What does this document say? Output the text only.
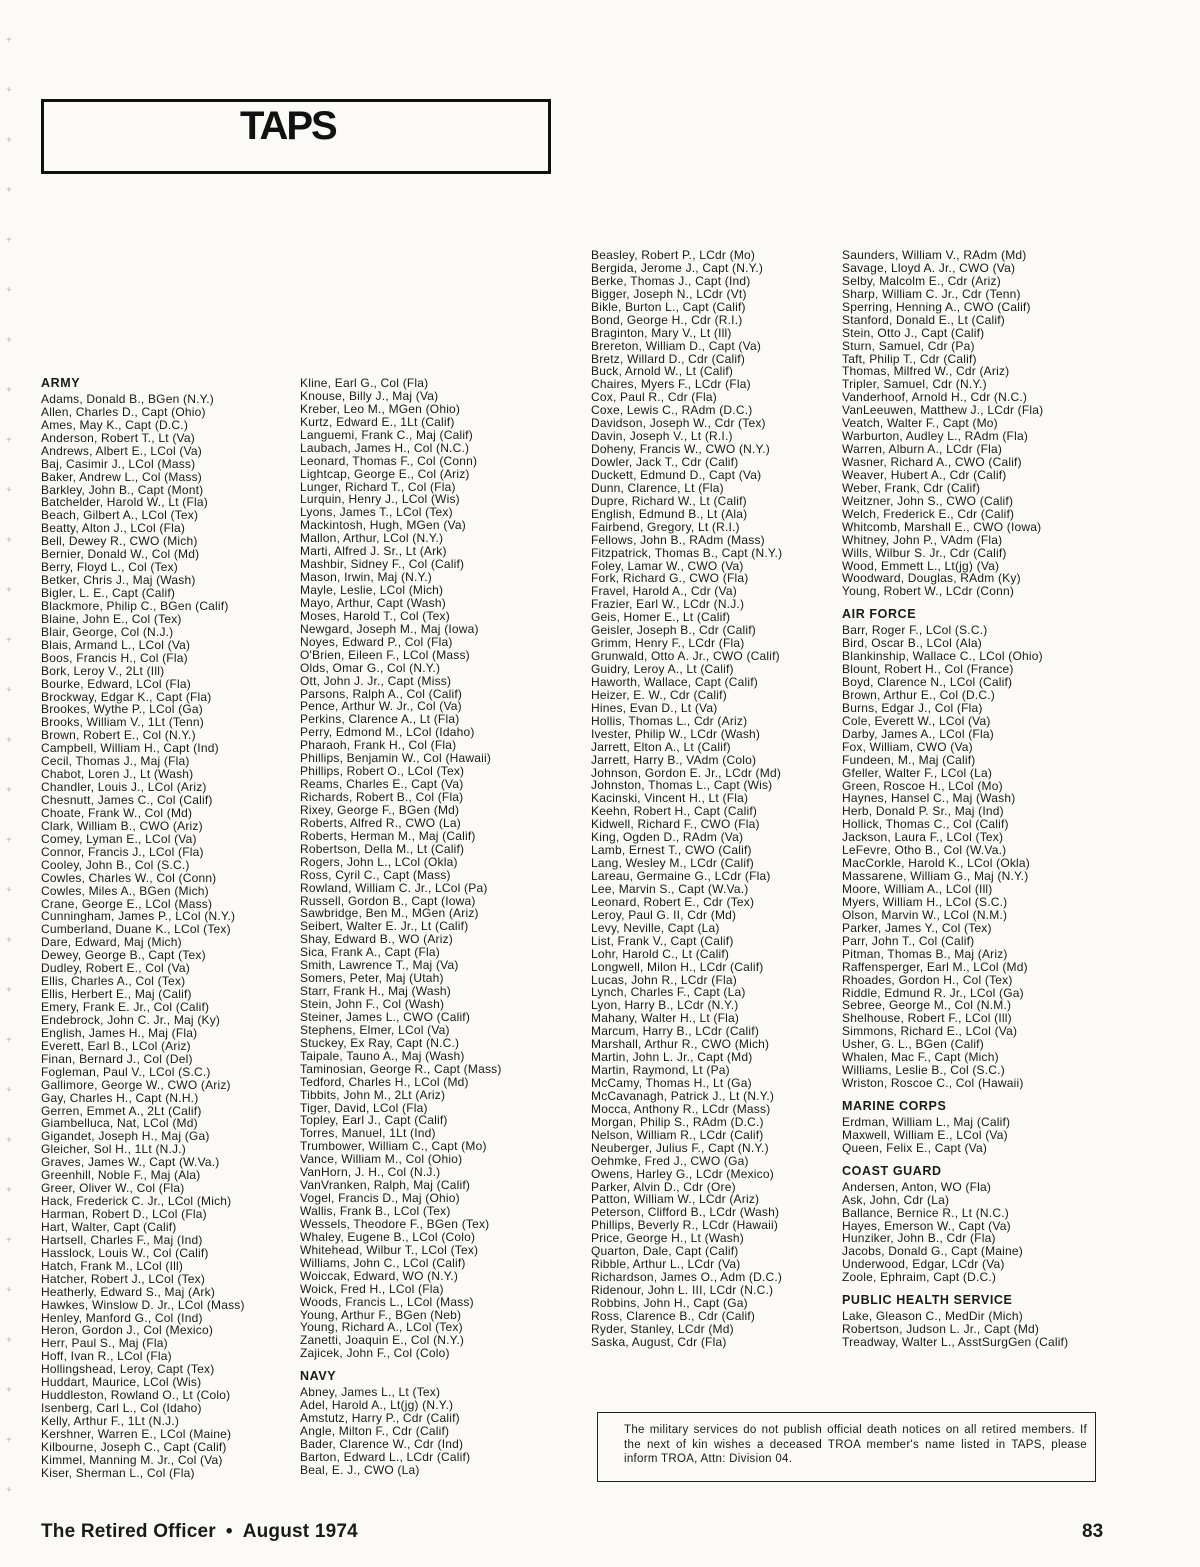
+
+
+
+
+
+
+
+
+
+
+
+
+
+
+
+
+
+
+
+
+
+
+
+
+
+
+
+
+
+
TAPS
ARMY
Adams, Donald B., BGen (N.Y.)
Allen, Charles D., Capt (Ohio)
Ames, May K., Capt (D.C.)
Anderson, Robert T., Lt (Va)
Andrews, Albert E., LCol (Va)
Baj, Casimir J., LCol (Mass)
Baker, Andrew L., Col (Mass)
Barkley, John B., Capt (Mont)
Batchelder, Harold W., Lt (Fla)
Beach, Gilbert A., LCol (Tex)
Beatty, Alton J., LCol (Fla)
Bell, Dewey R., CWO (Mich)
Bernier, Donald W., Col (Md)
Berry, Floyd L., Col (Tex)
Betker, Chris J., Maj (Wash)
Bigler, L. E., Capt (Calif)
Blackmore, Philip C., BGen (Calif)
Blaine, John E., Col (Tex)
Blair, George, Col (N.J.)
Blais, Armand L., LCol (Va)
Boos, Francis H., Col (Fla)
Bork, Leroy V., 2Lt (Ill)
Bourke, Edward, LCol (Fla)
Brockway, Edgar K., Capt (Fla)
Brookes, Wythe P., LCol (Ga)
Brooks, William V., 1Lt (Tenn)
Brown, Robert E., Col (N.Y.)
Campbell, William H., Capt (Ind)
Cecil, Thomas J., Maj (Fla)
Chabot, Loren J., Lt (Wash)
Chandler, Louis J., LCol (Ariz)
Chesnutt, James C., Col (Calif)
Choate, Frank W., Col (Md)
Clark, William B., CWO (Ariz)
Comey, Lyman E., LCol (Va)
Connor, Francis J., LCol (Fla)
Cooley, John B., Col (S.C.)
Cowles, Charles W., Col (Conn)
Cowles, Miles A., BGen (Mich)
Crane, George E., LCol (Mass)
Cunningham, James P., LCol (N.Y.)
Cumberland, Duane K., LCol (Tex)
Dare, Edward, Maj (Mich)
Dewey, George B., Capt (Tex)
Dudley, Robert E., Col (Va)
Ellis, Charles A., Col (Tex)
Ellis, Herbert E., Maj (Calif)
Emery, Frank E. Jr., Col (Calif)
Endebrock, John C. Jr., Maj (Ky)
English, James H., Maj (Fla)
Everett, Earl B., LCol (Ariz)
Finan, Bernard J., Col (Del)
Fogleman, Paul V., LCol (S.C.)
Gallimore, George W., CWO (Ariz)
Gay, Charles H., Capt (N.H.)
Gerren, Emmet A., 2Lt (Calif)
Giambelluca, Nat, LCol (Md)
Gigandet, Joseph H., Maj (Ga)
Gleicher, Sol H., 1Lt (N.J.)
Graves, James W., Capt (W.Va.)
Greenhill, Noble F., Maj (Ala)
Greer, Oliver W., Col (Fla)
Hack, Frederick C. Jr., LCol (Mich)
Harman, Robert D., LCol (Fla)
Hart, Walter, Capt (Calif)
Hartsell, Charles F., Maj (Ind)
Hasslock, Louis W., Col (Calif)
Hatch, Frank M., LCol (Ill)
Hatcher, Robert J., LCol (Tex)
Heatherly, Edward S., Maj (Ark)
Hawkes, Winslow D. Jr., LCol (Mass)
Henley, Manford G., Col (Ind)
Heron, Gordon J., Col (Mexico)
Herr, Paul S., Maj (Fla)
Hoff, Ivan R., LCol (Fla)
Hollingshead, Leroy, Capt (Tex)
Huddart, Maurice, LCol (Wis)
Huddleston, Rowland O., Lt (Colo)
Isenberg, Carl L., Col (Idaho)
Kelly, Arthur F., 1Lt (N.J.)
Kershner, Warren E., LCol (Maine)
Kilbourne, Joseph C., Capt (Calif)
Kimmel, Manning M. Jr., Col (Va)
Kiser, Sherman L., Col (Fla)
Kline, Earl G., Col (Fla)
Knouse, Billy J., Maj (Va)
Kreber, Leo M., MGen (Ohio)
Kurtz, Edward E., 1Lt (Calif)
Languemi, Frank C., Maj (Calif)
Laubach, James H., Col (N.C.)
Leonard, Thomas F., Col (Conn)
Lightcap, George E., Col (Ariz)
Lunger, Richard T., Col (Fla)
Lurquin, Henry J., LCol (Wis)
Lyons, James T., LCol (Tex)
Mackintosh, Hugh, MGen (Va)
Mallon, Arthur, LCol (N.Y.)
Marti, Alfred J. Sr., Lt (Ark)
Mashbir, Sidney F., Col (Calif)
Mason, Irwin, Maj (N.Y.)
Mayle, Leslie, LCol (Mich)
Mayo, Arthur, Capt (Wash)
Moses, Harold T., Col (Tex)
Newgard, Joseph M., Maj (Iowa)
Noyes, Edward P., Col (Fla)
O'Brien, Eileen F., LCol (Mass)
Olds, Omar G., Col (N.Y.)
Ott, John J. Jr., Capt (Miss)
Parsons, Ralph A., Col (Calif)
Pence, Arthur W. Jr., Col (Va)
Perkins, Clarence A., Lt (Fla)
Perry, Edmond M., LCol (Idaho)
Pharaoh, Frank H., Col (Fla)
Phillips, Benjamin W., Col (Hawaii)
Phillips, Robert O., LCol (Tex)
Reams, Charles E., Capt (Va)
Richards, Robert B., Col (Fla)
Rixey, George F., BGen (Md)
Roberts, Alfred R., CWO (La)
Roberts, Herman M., Maj (Calif)
Robertson, Della M., Lt (Calif)
Rogers, John L., LCol (Okla)
Ross, Cyril C., Capt (Mass)
Rowland, William C. Jr., LCol (Pa)
Russell, Gordon B., Capt (Iowa)
Sawbridge, Ben M., MGen (Ariz)
Seibert, Walter E. Jr., Lt (Calif)
Shay, Edward B., WO (Ariz)
Sica, Frank A., Capt (Fla)
Smith, Lawrence T., Maj (Va)
Somers, Peter, Maj (Utah)
Starr, Frank H., Maj (Wash)
Stein, John F., Col (Wash)
Steiner, James L., CWO (Calif)
Stephens, Elmer, LCol (Va)
Stuckey, Ex Ray, Capt (N.C.)
Taipale, Tauno A., Maj (Wash)
Taminosian, George R., Capt (Mass)
Tedford, Charles H., LCol (Md)
Tibbits, John M., 2Lt (Ariz)
Tiger, David, LCol (Fla)
Topley, Earl J., Capt (Calif)
Torres, Manuel, 1Lt (Ind)
Trumbower, William C., Capt (Mo)
Vance, William M., Col (Ohio)
VanHorn, J. H., Col (N.J.)
VanVranken, Ralph, Maj (Calif)
Vogel, Francis D., Maj (Ohio)
Wallis, Frank B., LCol (Tex)
Wessels, Theodore F., BGen (Tex)
Whaley, Eugene B., LCol (Colo)
Whitehead, Wilbur T., LCol (Tex)
Williams, John C., LCol (Calif)
Woiccak, Edward, WO (N.Y.)
Woick, Fred H., LCol (Fla)
Woods, Francis L., LCol (Mass)
Young, Arthur F., BGen (Neb)
Young, Richard A., LCol (Tex)
Zanetti, Joaquin E., Col (N.Y.)
Zajicek, John F., Col (Colo)
NAVY
Abney, James L., Lt (Tex)
Adel, Harold A., Lt(jg) (N.Y.)
Amstutz, Harry P., Cdr (Calif)
Angle, Milton F., Cdr (Calif)
Bader, Clarence W., Cdr (Ind)
Barton, Edward L., LCdr (Calif)
Beal, E. J., CWO (La)
Beasley, Robert P., LCdr (Mo)
Bergida, Jerome J., Capt (N.Y.)
Berke, Thomas J., Capt (Ind)
Bigger, Joseph N., LCdr (Vt)
Bikle, Burton L., Capt (Calif)
Bond, George H., Cdr (R.I.)
Braginton, Mary V., Lt (Ill)
Brereton, William D., Capt (Va)
Bretz, Willard D., Cdr (Calif)
Buck, Arnold W., Lt (Calif)
Chaires, Myers F., LCdr (Fla)
Cox, Paul R., Cdr (Fla)
Coxe, Lewis C., RAdm (D.C.)
Davidson, Joseph W., Cdr (Tex)
Davin, Joseph V., Lt (R.I.)
Doheny, Francis W., CWO (N.Y.)
Dowler, Jack T., Cdr (Calif)
Duckett, Edmund D., Capt (Va)
Dunn, Clarence, Lt (Fla)
Dupre, Richard W., Lt (Calif)
English, Edmund B., Lt (Ala)
Fairbend, Gregory, Lt (R.I.)
Fellows, John B., RAdm (Mass)
Fitzpatrick, Thomas B., Capt (N.Y.)
Foley, Lamar W., CWO (Va)
Fork, Richard G., CWO (Fla)
Fravel, Harold A., Cdr (Va)
Frazier, Earl W., LCdr (N.J.)
Geis, Homer E., Lt (Calif)
Geisler, Joseph B., Cdr (Calif)
Grimm, Henry F., LCdr (Fla)
Grunwald, Otto A. Jr., CWO (Calif)
Guidry, Leroy A., Lt (Calif)
Haworth, Wallace, Capt (Calif)
Heizer, E. W., Cdr (Calif)
Hines, Evan D., Lt (Va)
Hollis, Thomas L., Cdr (Ariz)
Ivester, Philip W., LCdr (Wash)
Jarrett, Elton A., Lt (Calif)
Jarrett, Harry B., VAdm (Colo)
Johnson, Gordon E. Jr., LCdr (Md)
Johnston, Thomas L., Capt (Wis)
Kacinski, Vincent H., Lt (Fla)
Keehn, Robert H., Capt (Calif)
Kidwell, Richard F., CWO (Fla)
King, Ogden D., RAdm (Va)
Lamb, Ernest T., CWO (Calif)
Lang, Wesley M., LCdr (Calif)
Lareau, Germaine G., LCdr (Fla)
Lee, Marvin S., Capt (W.Va.)
Leonard, Robert E., Cdr (Tex)
Leroy, Paul G. II, Cdr (Md)
Levy, Neville, Capt (La)
List, Frank V., Capt (Calif)
Lohr, Harold C., Lt (Calif)
Longwell, Milon H., LCdr (Calif)
Lucas, John R., LCdr (Fla)
Lynch, Charles F., Capt (La)
Lyon, Harry B., LCdr (N.Y.)
Mahany, Walter H., Lt (Fla)
Marcum, Harry B., LCdr (Calif)
Marshall, Arthur R., CWO (Mich)
Martin, John L. Jr., Capt (Md)
Martin, Raymond, Lt (Pa)
McCamy, Thomas H., Lt (Ga)
McCavanagh, Patrick J., Lt (N.Y.)
Mocca, Anthony R., LCdr (Mass)
Morgan, Philip S., RAdm (D.C.)
Nelson, William R., LCdr (Calif)
Neuberger, Julius F., Capt (N.Y.)
Oehmke, Fred J., CWO (Ga)
Owens, Harley G., LCdr (Mexico)
Parker, Alvin D., Cdr (Ore)
Patton, William W., LCdr (Ariz)
Peterson, Clifford B., LCdr (Wash)
Phillips, Beverly R., LCdr (Hawaii)
Price, George H., Lt (Wash)
Quarton, Dale, Capt (Calif)
Ribble, Arthur L., LCdr (Va)
Richardson, James O., Adm (D.C.)
Ridenour, John L. III, LCdr (N.C.)
Robbins, John H., Capt (Ga)
Ross, Clarence B., Cdr (Calif)
Ryder, Stanley, LCdr (Md)
Saska, August, Cdr (Fla)
Saunders, William V., RAdm (Md)
Savage, Lloyd A. Jr., CWO (Va)
Selby, Malcolm E., Cdr (Ariz)
Sharp, William C. Jr., Cdr (Tenn)
Sperring, Henning A., CWO (Calif)
Stanford, Donald E., Lt (Calif)
Stein, Otto J., Capt (Calif)
Sturn, Samuel, Cdr (Pa)
Taft, Philip T., Cdr (Calif)
Thomas, Milfred W., Cdr (Ariz)
Tripler, Samuel, Cdr (N.Y.)
Vanderhoof, Arnold H., Cdr (N.C.)
VanLeeuwen, Matthew J., LCdr (Fla)
Veatch, Walter F., Capt (Mo)
Warburton, Audley L., RAdm (Fla)
Warren, Alburn A., LCdr (Fla)
Wasner, Richard A., CWO (Calif)
Weaver, Hubert A., Cdr (Calif)
Weber, Frank, Cdr (Calif)
Weitzner, John S., CWO (Calif)
Welch, Frederick E., Cdr (Calif)
Whitcomb, Marshall E., CWO (Iowa)
Whitney, John P., VAdm (Fla)
Wills, Wilbur S. Jr., Cdr (Calif)
Wood, Emmett L., Lt(jg) (Va)
Woodward, Douglas, RAdm (Ky)
Young, Robert W., LCdr (Conn)
AIR FORCE
Barr, Roger F., LCol (S.C.)
Bird, Oscar B., LCol (Ala)
Blankinship, Wallace C., LCol (Ohio)
Blount, Robert H., Col (France)
Boyd, Clarence N., LCol (Calif)
Brown, Arthur E., Col (D.C.)
Burns, Edgar J., Col (Fla)
Cole, Everett W., LCol (Va)
Darby, James A., LCol (Fla)
Fox, William, CWO (Va)
Fundeen, M., Maj (Calif)
Gfeller, Walter F., LCol (La)
Green, Roscoe H., LCol (Mo)
Haynes, Hansel C., Maj (Wash)
Herb, Donald P. Sr., Maj (Ind)
Hollick, Thomas C., Col (Calif)
Jackson, Laura F., LCol (Tex)
LeFevre, Otho B., Col (W.Va.)
MacCorkle, Harold K., LCol (Okla)
Massarene, William G., Maj (N.Y.)
Moore, William A., LCol (Ill)
Myers, William H., LCol (S.C.)
Olson, Marvin W., LCol (N.M.)
Parker, James Y., Col (Tex)
Parr, John T., Col (Calif)
Pitman, Thomas B., Maj (Ariz)
Raffensperger, Earl M., LCol (Md)
Rhoades, Gordon H., Col (Tex)
Riddle, Edmund R. Jr., LCol (Ga)
Sebree, George M., Col (N.M.)
Shelhouse, Robert F., LCol (Ill)
Simmons, Richard E., LCol (Va)
Usher, G. L., BGen (Calif)
Whalen, Mac F., Capt (Mich)
Williams, Leslie B., Col (S.C.)
Wriston, Roscoe C., Col (Hawaii)
MARINE CORPS
Erdman, William L., Maj (Calif)
Maxwell, William E., LCol (Va)
Queen, Felix E., Capt (Va)
COAST GUARD
Andersen, Anton, WO (Fla)
Ask, John, Cdr (La)
Ballance, Bernice R., Lt (N.C.)
Hayes, Emerson W., Capt (Va)
Hunziker, John B., Cdr (Fla)
Jacobs, Donald G., Capt (Maine)
Underwood, Edgar, LCdr (Va)
Zoole, Ephraim, Capt (D.C.)
PUBLIC HEALTH SERVICE
Lake, Gleason C., MedDir (Mich)
Robertson, Judson L. Jr., Capt (Md)
Treadway, Walter L., AsstSurgGen (Calif)
The military services do not publish official death notices on all retired members. If the next of kin wishes a deceased TROA member's name listed in TAPS, please inform TROA, Attn: Division 04.
The Retired Officer • August 1974	83
